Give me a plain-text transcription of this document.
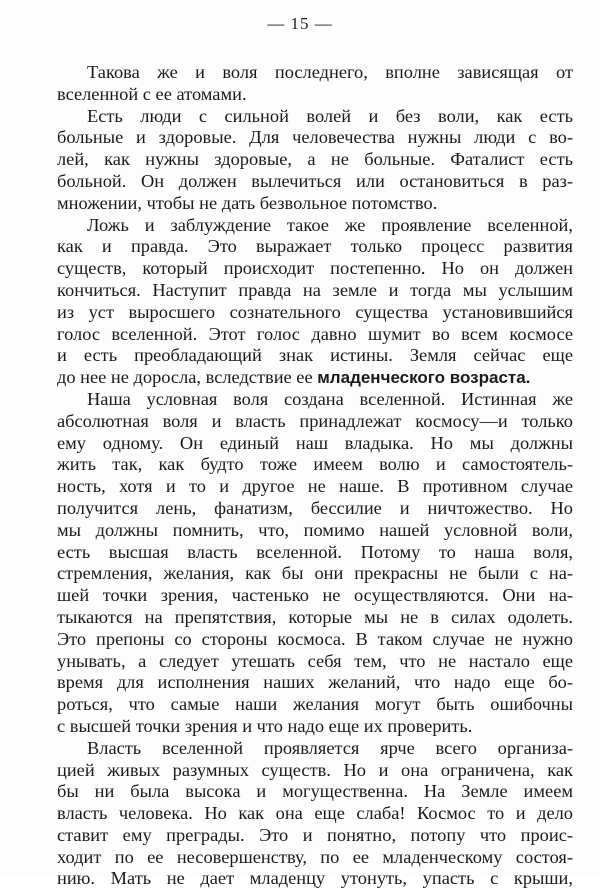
— 15 —
Такова же и воля последнего, вполне зависящая от
вселенной с ее атомами.
Есть люди с сильной волей и без воли, как есть
больные и здоровые. Для человечества нужны люди с во-
лей, как нужны здоровые, а не больные. Фаталист есть
больной. Он должен вылечиться или остановиться в раз-
множении, чтобы не дать безвольное потомство.
Ложь и заблуждение такое же проявление вселенной,
как и правда. Это выражает только процесс развития
существ, который происходит постепенно. Но он должен
кончиться. Наступит правда на земле и тогда мы услышим
из уст выросшего сознательного существа установившийся
голос вселенной. Этот голос давно шумит во всем космосе
и есть преобладающий знак истины. Земля сейчас еще
до нее не доросла, вследствие ее младенческого возраста.
Наша условная воля создана вселенной. Истинная же
абсолютная воля и власть принадлежат космосу—и только
ему одному. Он единый наш владыка. Но мы должны
жить так, как будто тоже имеем волю и самостоятель-
ность, хотя и то и другое не наше. В противном случае
получится лень, фанатизм, бессилие и ничтожество. Но
мы должны помнить, что, помимо нашей условной воли,
есть высшая власть вселенной. Потому то наша воля,
стремления, желания, как бы они прекрасны не были с на-
шей точки зрения, частенько не осуществляются. Они на-
тыкаются на препятствия, которые мы не в силах одолеть.
Это препоны со стороны космоса. В таком случае не нужно
унывать, а следует утешать себя тем, что не настало еще
время для исполнения наших желаний, что надо еще бо-
роться, что самые наши желания могут быть ошибочны
с высшей точки зрения и что надо еще их проверить.
Власть вселенной проявляется ярче всего организа-
цией живых разумных существ. Но и она ограничена, как
бы ни была высока и могущественна. На Земле имеем
власть человека. Но как она еще слаба! Космос то и дело
ставит ему преграды. Это и понятно, потопу что проис-
ходит по ее несовершенству, по ее младенческому состоя-
нию. Мать не дает младенцу утонуть, упасть с крыши,
